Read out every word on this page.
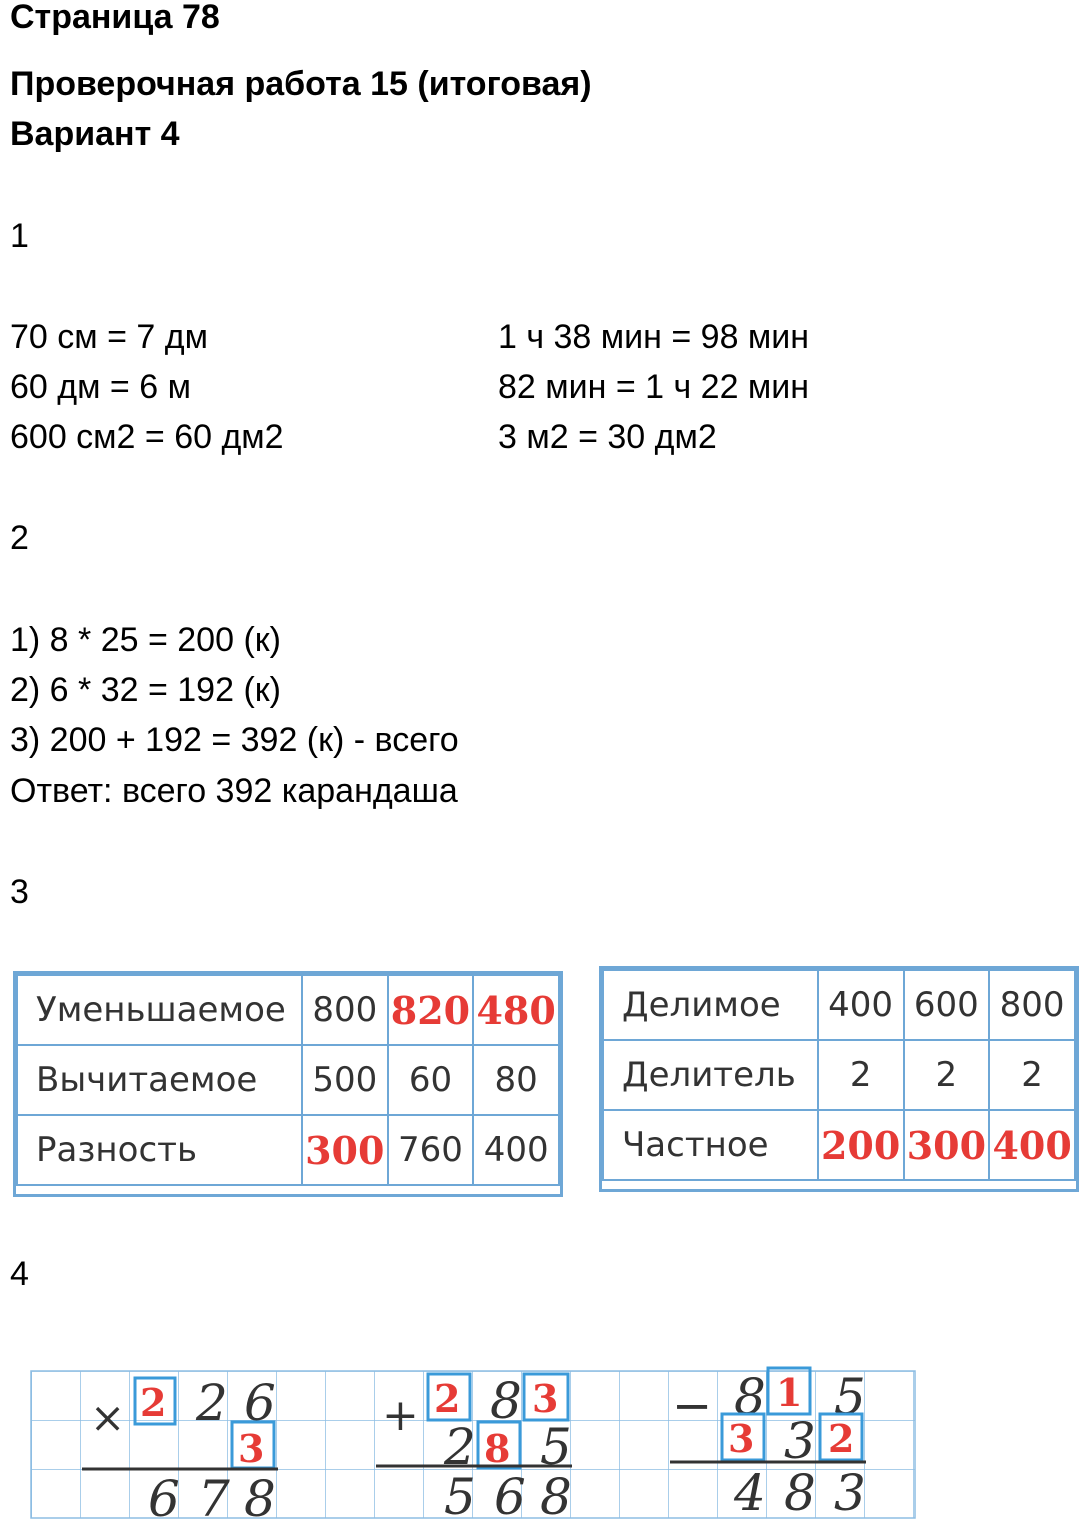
Страница 78
Проверочная работа 15 (итоговая)
Вариант 4
1
70 см = 7 дм
60 дм = 6 м
600 см2 = 60 дм2
1 ч 38 мин = 98 мин
82 мин = 1 ч 22 мин
3 м2 = 30 дм2
2
1) 8 * 25 = 200 (к)
2) 6 * 32 = 192 (к)
3) 200 + 192 = 392 (к) - всего
Ответ: всего 392 карандаша
3
Уменьшаемое	800	820	480
Вычитаемое	500	60	80
Разность	300	760	400
Делимое	400	600	800
Делитель	2	2	2
Частное	200	300	400
4
× 2 2 6
3
6 7 8
+ 2 8 3
2 8 5
5 6 8
− 8 1 5
3 3 2
4 8 3
